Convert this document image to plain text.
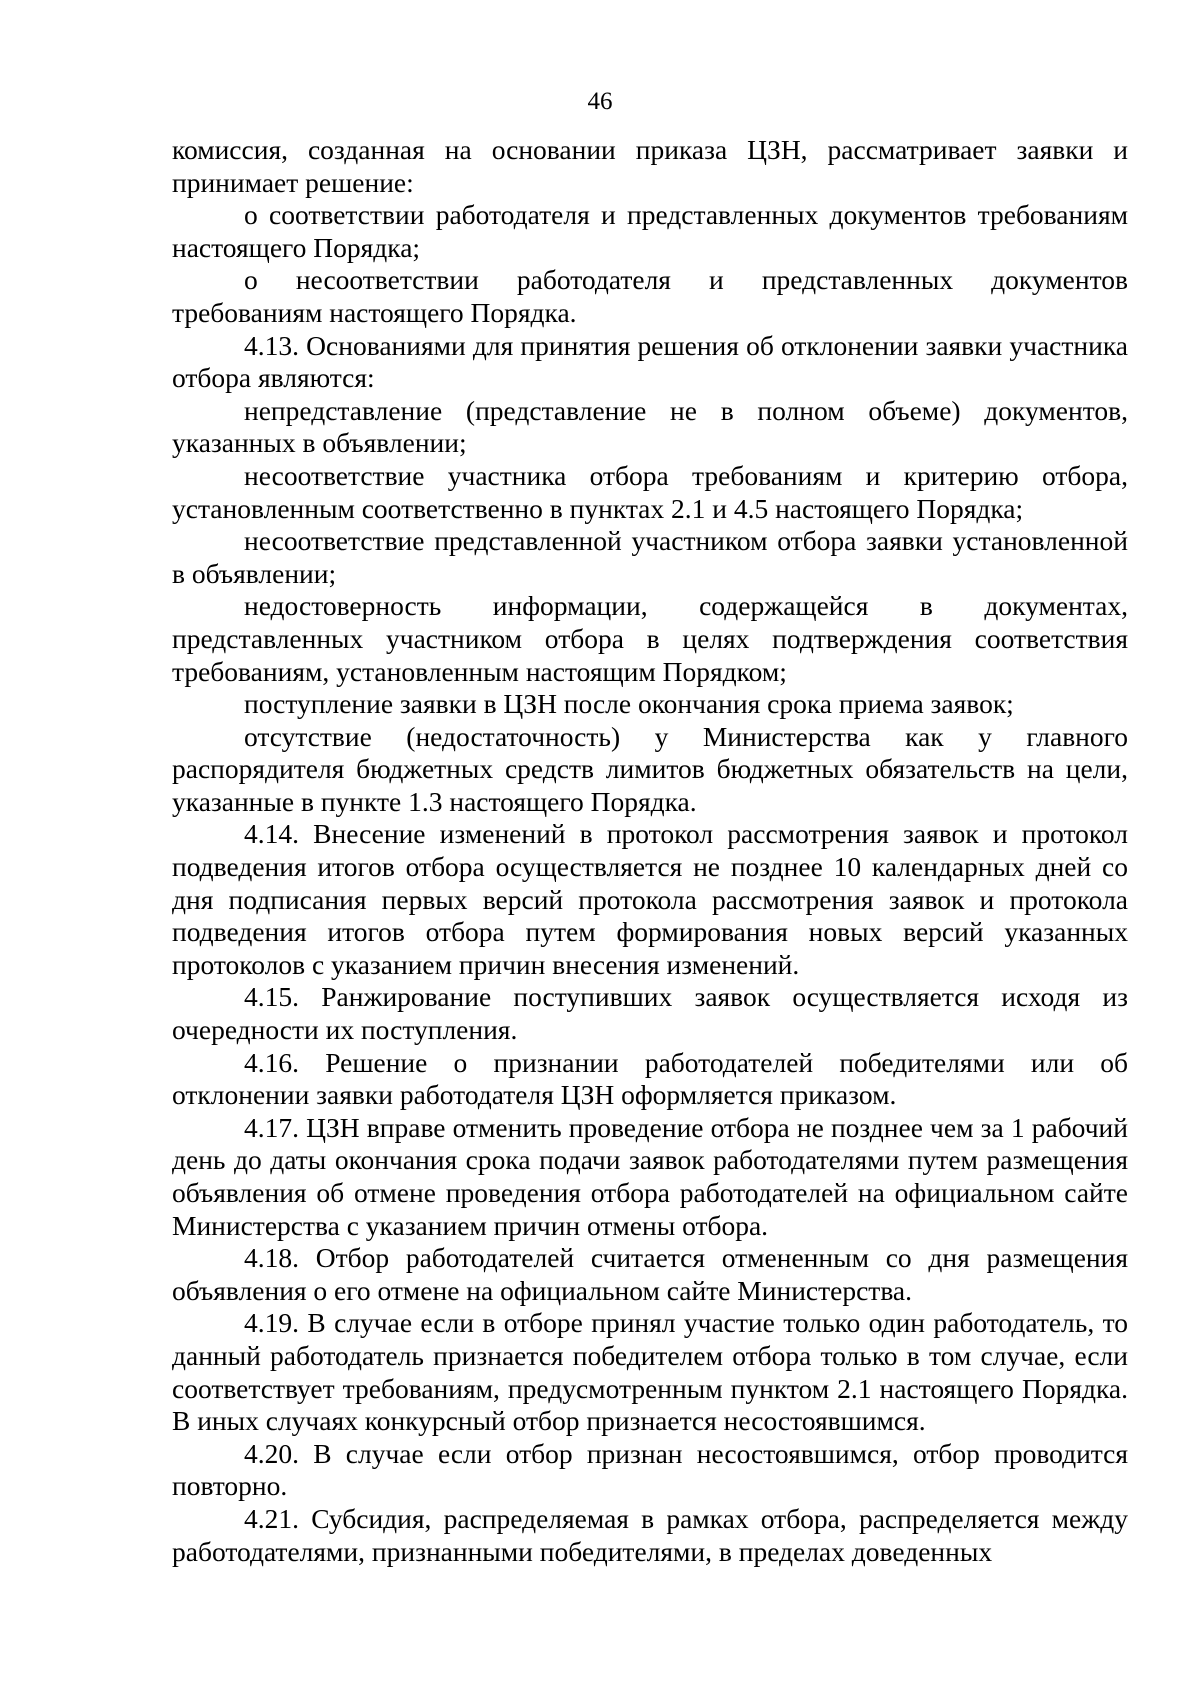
46

комиссия, созданная на основании приказа ЦЗН, рассматривает заявки и принимает решение:

о соответствии работодателя и представленных документов требованиям настоящего Порядка;

о несоответствии работодателя и представленных документов требованиям настоящего Порядка.

4.13. Основаниями для принятия решения об отклонении заявки участника отбора являются:

непредставление (представление не в полном объеме) документов, указанных в объявлении;

несоответствие участника отбора требованиям и критерию отбора, установленным соответственно в пунктах 2.1 и 4.5 настоящего Порядка;

несоответствие представленной участником отбора заявки установленной в объявлении;

недостоверность информации, содержащейся в документах, представленных участником отбора в целях подтверждения соответствия требованиям, установленным настоящим Порядком;

поступление заявки в ЦЗН после окончания срока приема заявок;

отсутствие (недостаточность) у Министерства как у главного распорядителя бюджетных средств лимитов бюджетных обязательств на цели, указанные в пункте 1.3 настоящего Порядка.

4.14. Внесение изменений в протокол рассмотрения заявок и протокол подведения итогов отбора осуществляется не позднее 10 календарных дней со дня подписания первых версий протокола рассмотрения заявок и протокола подведения итогов отбора путем формирования новых версий указанных протоколов с указанием причин внесения изменений.

4.15. Ранжирование поступивших заявок осуществляется исходя из очередности их поступления.

4.16. Решение о признании работодателей победителями или об отклонении заявки работодателя ЦЗН оформляется приказом.

4.17. ЦЗН вправе отменить проведение отбора не позднее чем за 1 рабочий день до даты окончания срока подачи заявок работодателями путем размещения объявления об отмене проведения отбора работодателей на официальном сайте Министерства с указанием причин отмены отбора.

4.18. Отбор работодателей считается отмененным со дня размещения объявления о его отмене на официальном сайте Министерства.

4.19. В случае если в отборе принял участие только один работодатель, то данный работодатель признается победителем отбора только в том случае, если соответствует требованиям, предусмотренным пунктом 2.1 настоящего Порядка. В иных случаях конкурсный отбор признается несостоявшимся.

4.20. В случае если отбор признан несостоявшимся, отбор проводится повторно.

4.21. Субсидия, распределяемая в рамках отбора, распределяется между работодателями, признанными победителями, в пределах доведенных
